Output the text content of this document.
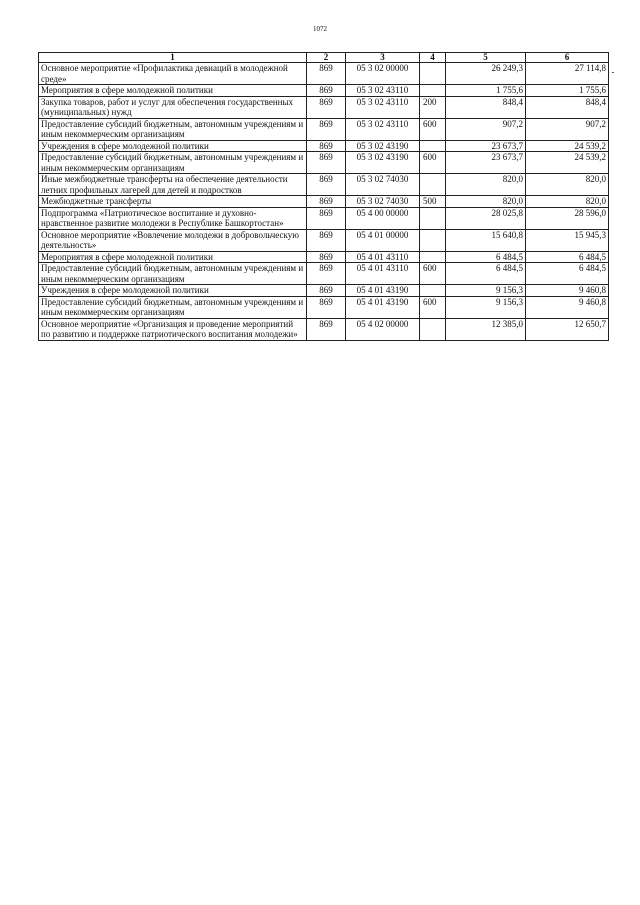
1072
1	2	3	4	5	6
Основное мероприятие «Профилактика девиаций в молодежной среде»	869	05 3 02 00000		26 249,3	27 114,8
Мероприятия в сфере молодежной политики	869	05 3 02 43110		1 755,6	1 755,6
Закупка товаров, работ и услуг для обеспечения государственных (муниципальных) нужд	869	05 3 02 43110	200	848,4	848,4
Предоставление субсидий бюджетным, автономным учреждениям и иным некоммерческим организациям	869	05 3 02 43110	600	907,2	907,2
Учреждения в сфере молодежной политики	869	05 3 02 43190		23 673,7	24 539,2
Предоставление субсидий бюджетным, автономным учреждениям и иным некоммерческим организациям	869	05 3 02 43190	600	23 673,7	24 539,2
Иные межбюджетные трансферты на обеспечение деятельности летних профильных лагерей для детей и подростков	869	05 3 02 74030		820,0	820,0
Межбюджетные трансферты	869	05 3 02 74030	500	820,0	820,0
Подпрограмма «Патриотическое воспитание и духовно-нравственное развитие молодежи в Республике Башкортостан»	869	05 4 00 00000		28 025,8	28 596,0
Основное мероприятие «Вовлечение молодежи в добровольческую деятельность»	869	05 4 01 00000		15 640,8	15 945,3
Мероприятия в сфере молодежной политики	869	05 4 01 43110		6 484,5	6 484,5
Предоставление субсидий бюджетным, автономным учреждениям и иным некоммерческим организациям	869	05 4 01 43110	600	6 484,5	6 484,5
Учреждения в сфере молодежной политики	869	05 4 01 43190		9 156,3	9 460,8
Предоставление субсидий бюджетным, автономным учреждениям и иным некоммерческим организациям	869	05 4 01 43190	600	9 156,3	9 460,8
Основное мероприятие «Организация и проведение мероприятий по развитию и поддержке патриотического воспитания молодежи»	869	05 4 02 00000		12 385,0	12 650,7
